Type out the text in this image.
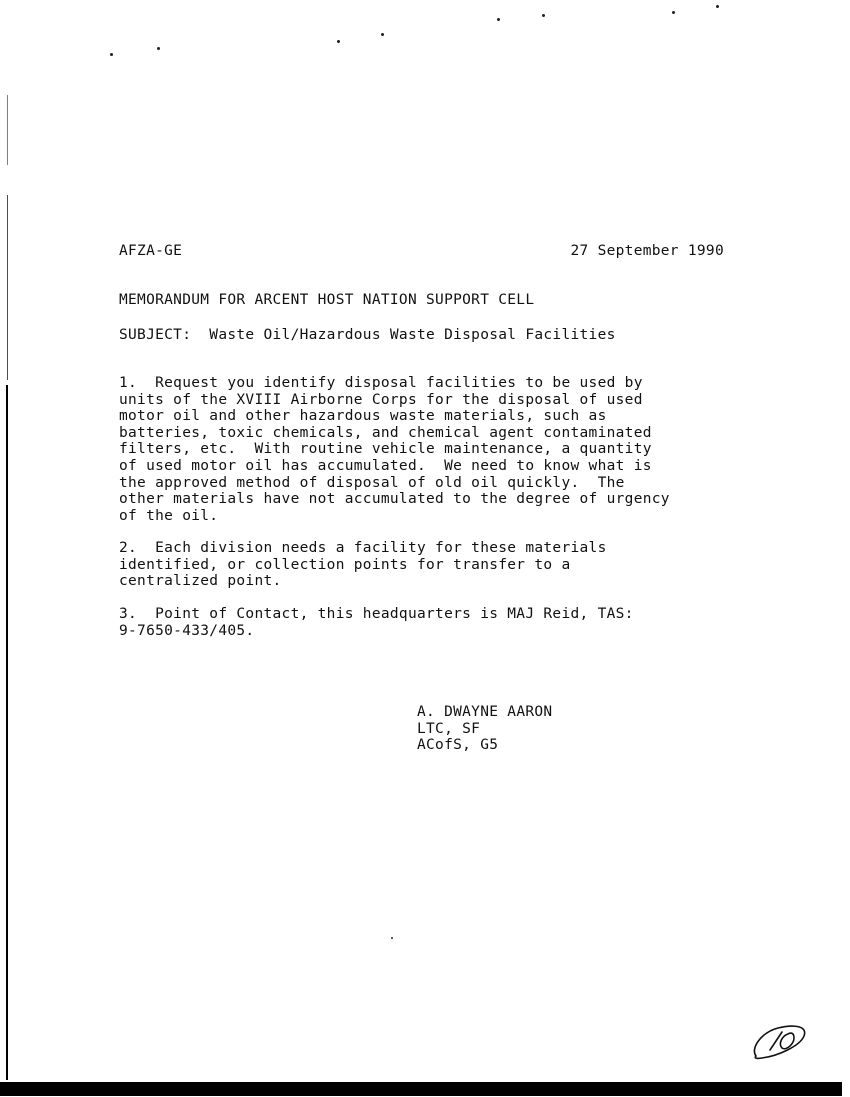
AFZA-GE	27 September 1990
MEMORANDUM FOR ARCENT HOST NATION SUPPORT CELL
SUBJECT:  Waste Oil/Hazardous Waste Disposal Facilities
1.  Request you identify disposal facilities to be used by
units of the XVIII Airborne Corps for the disposal of used
motor oil and other hazardous waste materials, such as
batteries, toxic chemicals, and chemical agent contaminated
filters, etc.  With routine vehicle maintenance, a quantity
of used motor oil has accumulated.  We need to know what is
the approved method of disposal of old oil quickly.  The
other materials have not accumulated to the degree of urgency
of the oil.
2.  Each division needs a facility for these materials
identified, or collection points for transfer to a
centralized point.
3.  Point of Contact, this headquarters is MAJ Reid, TAS:
9-7650-433/405.
A. DWAYNE AARON
LTC, SF
ACofS, G5
